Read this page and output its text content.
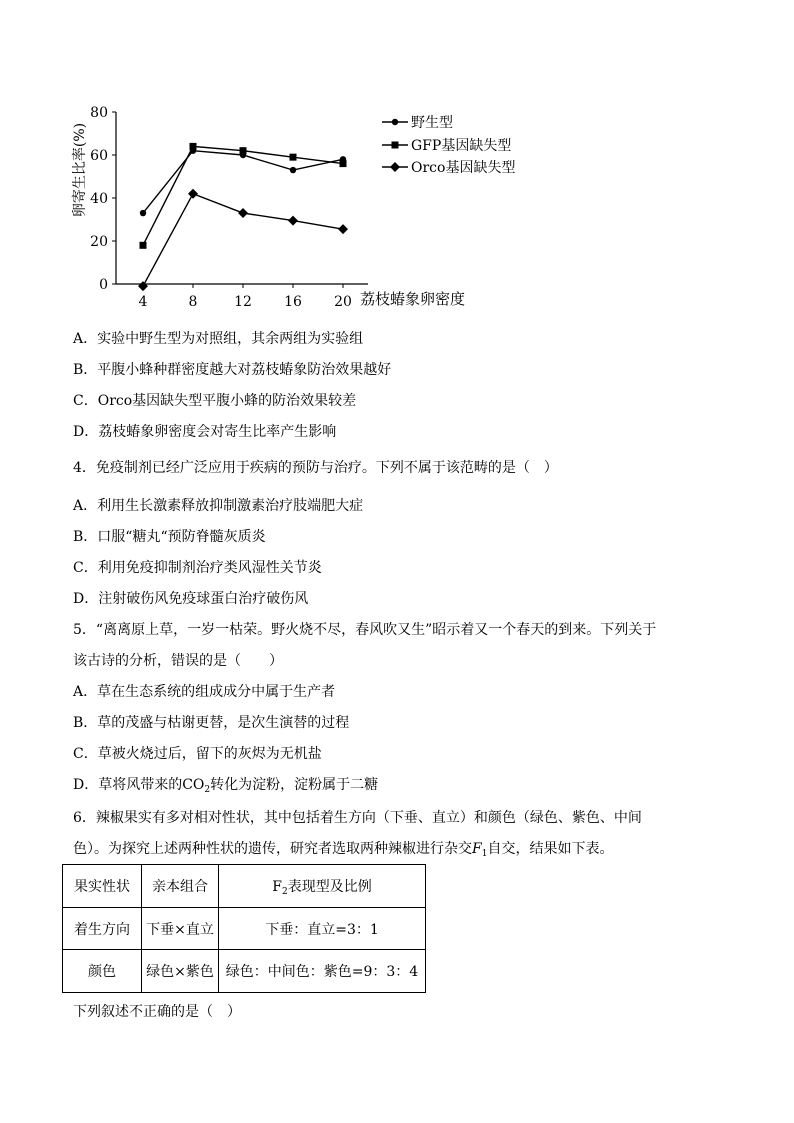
0
20
40
60
80
4	8	12 16 20 荔枝蝽象卵密度
卵寄生比率(%)	野生型
GFP基因缺失型
Orco基因缺失型
A．实验中野生型为对照组，其余两组为实验组
B．平腹小蜂种群密度越大对荔枝蝽象防治效果越好
C．Orco基因缺失型平腹小蜂的防治效果较差
D．荔枝蝽象卵密度会对寄生比率产生影响
4．免疫制剂已经广泛应用于疾病的预防与治疗。下列不属于该范畴的是（　）
A．利用生长激素释放抑制激素治疗肢端肥大症
B．口服“糖丸“预防脊髓灰质炎
C．利用免疫抑制剂治疗类风湿性关节炎
D．注射破伤风免疫球蛋白治疗破伤风
5．“离离原上草，一岁一枯荣。野火烧不尽，春风吹又生”昭示着又一个春天的到来。下列关于
该古诗的分析，错误的是（　　）
A．草在生态系统的组成成分中属于生产者
B．草的茂盛与枯谢更替，是次生演替的过程
C．草被火烧过后，留下的灰烬为无机盐
D．草将风带来的$CO_2$转化为淀粉，淀粉属于二糖
6．辣椒果实有多对相对性状，其中包括着生方向（下垂、直立）和颜色（绿色、紫色、中间
色）。为探究上述两种性状的遗传，研究者选取两种辣椒进行杂交$F_1$自交，结果如下表。
果实性状	亲本组合	$F_2$表现型及比例
着生方向	下垂×直立	下垂：直立=3：1
颜色	绿色×紫色	绿色：中间色：紫色=9：3：4
下列叙述不正确的是（　）
